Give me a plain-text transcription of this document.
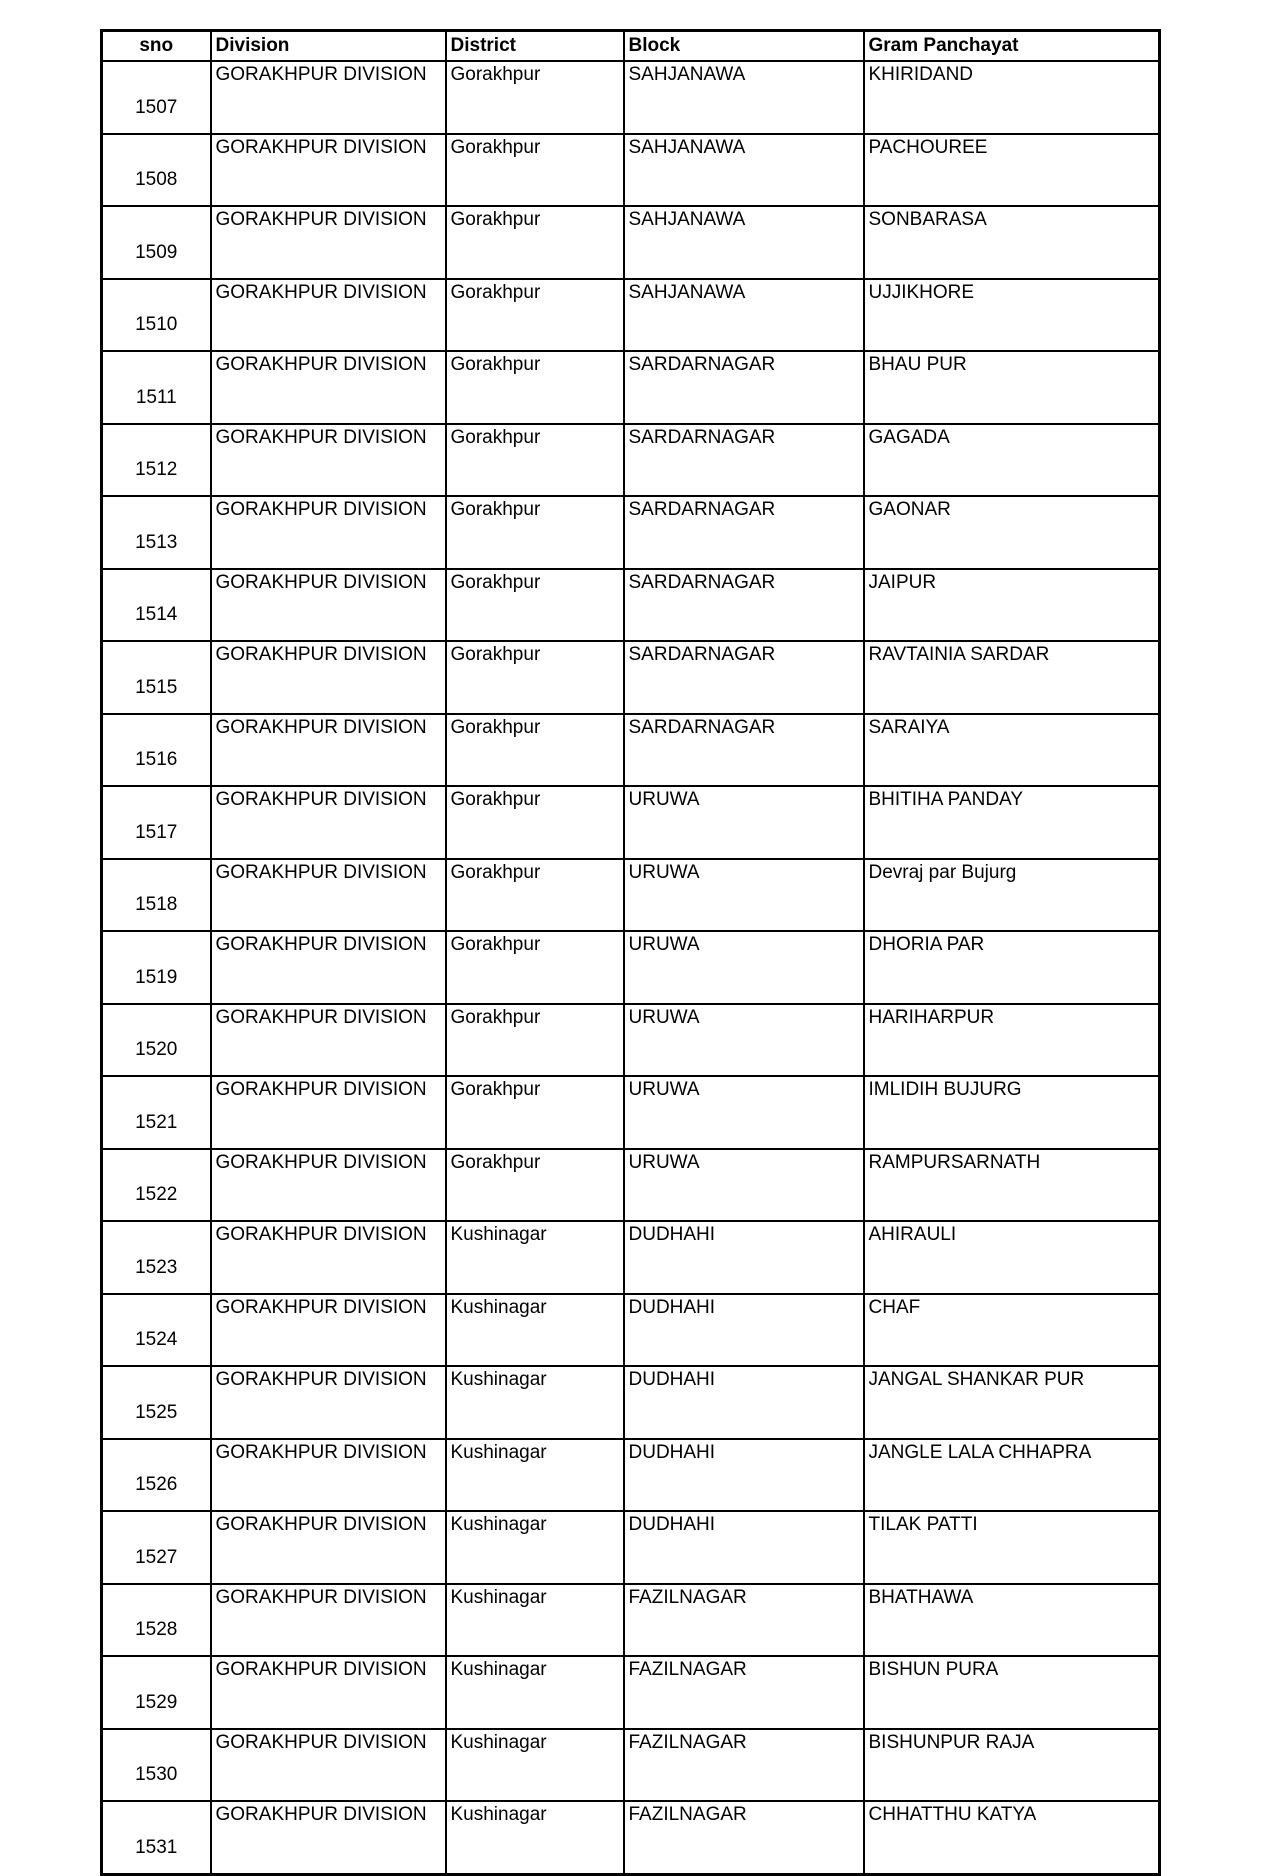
sno	Division	District	Block	Gram Panchayat
1507	GORAKHPUR DIVISION	Gorakhpur	SAHJANAWA	KHIRIDAND
1508	GORAKHPUR DIVISION	Gorakhpur	SAHJANAWA	PACHOUREE
1509	GORAKHPUR DIVISION	Gorakhpur	SAHJANAWA	SONBARASA
1510	GORAKHPUR DIVISION	Gorakhpur	SAHJANAWA	UJJIKHORE
1511	GORAKHPUR DIVISION	Gorakhpur	SARDARNAGAR	BHAU PUR
1512	GORAKHPUR DIVISION	Gorakhpur	SARDARNAGAR	GAGADA
1513	GORAKHPUR DIVISION	Gorakhpur	SARDARNAGAR	GAONAR
1514	GORAKHPUR DIVISION	Gorakhpur	SARDARNAGAR	JAIPUR
1515	GORAKHPUR DIVISION	Gorakhpur	SARDARNAGAR	RAVTAINIA SARDAR
1516	GORAKHPUR DIVISION	Gorakhpur	SARDARNAGAR	SARAIYA
1517	GORAKHPUR DIVISION	Gorakhpur	URUWA	BHITIHA PANDAY
1518	GORAKHPUR DIVISION	Gorakhpur	URUWA	Devraj par Bujurg
1519	GORAKHPUR DIVISION	Gorakhpur	URUWA	DHORIA PAR
1520	GORAKHPUR DIVISION	Gorakhpur	URUWA	HARIHARPUR
1521	GORAKHPUR DIVISION	Gorakhpur	URUWA	IMLIDIH BUJURG
1522	GORAKHPUR DIVISION	Gorakhpur	URUWA	RAMPURSARNATH
1523	GORAKHPUR DIVISION	Kushinagar	DUDHAHI	AHIRAULI
1524	GORAKHPUR DIVISION	Kushinagar	DUDHAHI	CHAF
1525	GORAKHPUR DIVISION	Kushinagar	DUDHAHI	JANGAL SHANKAR PUR
1526	GORAKHPUR DIVISION	Kushinagar	DUDHAHI	JANGLE LALA CHHAPRA
1527	GORAKHPUR DIVISION	Kushinagar	DUDHAHI	TILAK PATTI
1528	GORAKHPUR DIVISION	Kushinagar	FAZILNAGAR	BHATHAWA
1529	GORAKHPUR DIVISION	Kushinagar	FAZILNAGAR	BISHUN PURA
1530	GORAKHPUR DIVISION	Kushinagar	FAZILNAGAR	BISHUNPUR RAJA
1531	GORAKHPUR DIVISION	Kushinagar	FAZILNAGAR	CHHATTHU KATYA
